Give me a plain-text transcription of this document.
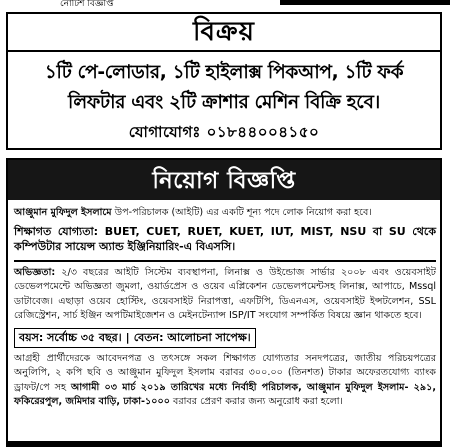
নোটিশ বিজ্ঞপ্তি
বিক্রয়
১টি পে-লোডার, ১টি হাইলাক্স পিকআপ, ১টি ফর্ক
লিফটার এবং ২টি ক্রাশার মেশিন বিক্রি হবে।
যোগাযোগঃ ০১৮৪৪০০৪১৫০
নিয়োগ বিজ্ঞপ্তি

আঞ্জুমান মুফিদুল ইসলামে উপ-পরিচালক (আইটি) এর একটি শূন্য পদে লোক নিয়োগ করা হবে।

শিক্ষাগত যোগ্যতা: BUET, CUET, RUET, KUET, IUT, MIST, NSU বা SU থেকে কম্পিউটার সায়েন্স অ্যান্ড ইঞ্জিনিয়ারিং-এ বিএসসি।

অভিজ্ঞতা: ২/৩ বছরের আইটি সিস্টেম ব্যবস্থাপনা, লিনাক্স ও উইন্ডোজ সার্ভার ২০০৮ এবং ওয়েবসাইট ডেভেলপমেন্টে অভিজ্ঞতা জুমলা, ওয়ার্ডপ্রেস ও ওয়েব এপ্লিকেশন ডেভেলপমেন্টসহ লিনাক্স, আপাচে, Mssql ডাটাবেজ। এছাড়া ওয়েব হোস্টিং, ওয়েবসাইট নিরাপত্তা, এফটিপি, ডিএনএস, ওয়েবসাইট ইন্সটলেশন, SSL রেজিস্ট্রেশন, সার্চ ইঞ্জিন অপটিমাইজেশন ও মেইনটেন্যান্স ISP/IT সংযোগ সম্পর্কিত বিষয়ে জ্ঞান থাকতে হবে।

বয়স: সর্বোচ্চ ৩৫ বছর। | বেতন: আলোচনা সাপেক্ষ।

আগ্রহী প্রার্থীদেরকে আবেদনপত্র ও তৎসঙ্গে সকল শিক্ষাগত যোগ্যতার সনদপত্রের, জাতীয় পরিচয়পত্রের অনুলিপি, ২ কপি ছবি ও আঞ্জুমান মুফিদুল ইসলাম বরাবর ৩০০.০০ (তিনশত) টাকার অফেরতযোগ্য ব্যাংক ড্রাফট/পে সহ আগামী ০৩ মার্চ ২০১৯ তারিখের মধ্যে নির্বাহী পরিচালক, আঞ্জুমান মুফিদুল ইসলাম- ২৯১, ফকিরেরপুল, জমিদার বাড়ি, ঢাকা-১০০০ বরাবর প্রেরণ করার জন্য অনুরোধ করা হলো।
